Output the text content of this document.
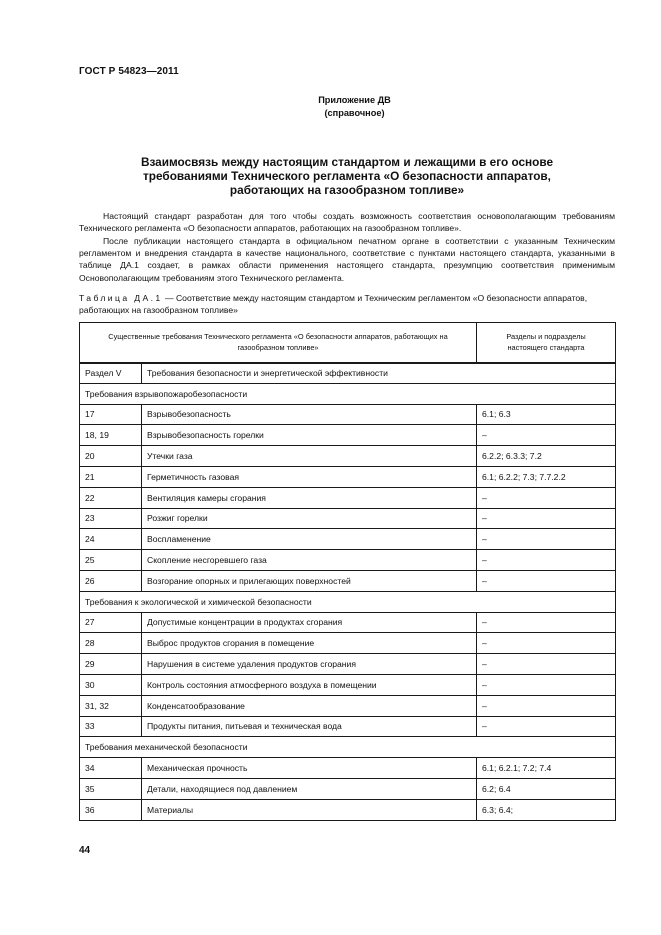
ГОСТ Р 54823—2011
Приложение ДВ
(справочное)
Взаимосвязь между настоящим стандартом и лежащими в его основе
требованиями Технического регламента «О безопасности аппаратов,
работающих на газообразном топливе»

Настоящий стандарт разработан для того чтобы создать возможность соответствия основополагающим требованиям Технического регламента «О безопасности аппаратов, работающих на газообразном топливе».

После публикации настоящего стандарта в официальном печатном органе в соответствии с указанным Техническим регламентом и внедрения стандарта в качестве национального, соответствие с пунктами настоящего стандарта, указанными в таблице ДА.1 создает, в рамках области применения настоящего стандарта, презумпцию соответствия применимым Основополагающим требованиям этого Технического регламента.

Таблица ДА.1 — Соответствие между настоящим стандартом и Техническим регламентом «О безопасности аппаратов, работающих на газообразном топливе»

Существенные требования Технического регламента «О безопасности аппаратов, работающих на газообразном топливе»		Разделы и подразделы настоящего стандарта
Раздел V	Требования безопасности и энергетической эффективности	
Требования взрывопожаробезопасности		
17	Взрывобезопасность	6.1; 6.3
18, 19	Взрывобезопасность горелки	–
20	Утечки газа	6.2.2; 6.3.3; 7.2
21	Герметичность газовая	6.1; 6.2.2; 7.3; 7.7.2.2
22	Вентиляция камеры сгорания	–
23	Розжиг горелки	–
24	Воспламенение	–
25	Скопление несгоревшего газа	–
26	Возгорание опорных и прилегающих поверхностей	–
Требования к экологической и химической безопасности		
27	Допустимые концентрации в продуктах сгорания	–
28	Выброс продуктов сгорания в помещение	–
29	Нарушения в системе удаления продуктов сгорания	–
30	Контроль состояния атмосферного воздуха в помещении	–
31, 32	Конденсатообразование	–
33	Продукты питания, питьевая и техническая вода	–
Требования механической безопасности		
34	Механическая прочность	6.1; 6.2.1; 7.2; 7.4
35	Детали, находящиеся под давлением	6.2; 6.4
36	Материалы	6.3; 6.4;
44
